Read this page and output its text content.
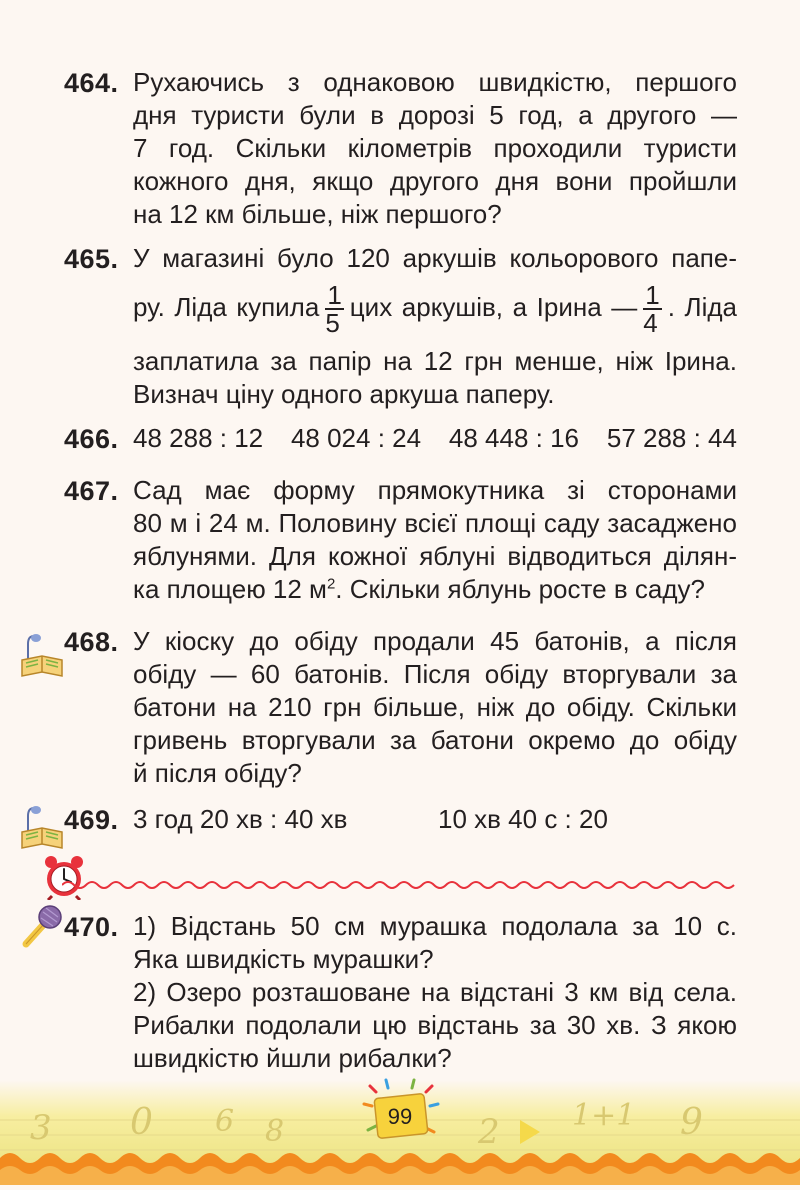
464. Рухаючись з однаковою швидкістю, першого
дня туристи були в дорозі 5 год, а другого —
7 год. Скільки кілометрів проходили туристи
кожного дня, якщо другого дня вони пройшли
на 12 км більше, ніж першого?
465. У магазині було 120 аркушів кольорового папе-
ру. Ліда купила $\frac{1}{5}$ цих аркушів, а Ірина — $\frac{1}{4}$ . Ліда
заплатила за папір на 12 грн менше, ніж Ірина.
Визнач ціну одного аркуша паперу.
466. 48 288 : 12 48 024 : 24 48 448 : 16 57 288 : 44
467. Сад має форму прямокутника зі сторонами
80 м і 24 м. Половину всієї площі саду засаджено
яблунями. Для кожної яблуні відводиться ділян-
ка площею 12 $м^2$. Скільки яблунь росте в саду?
468. У кіоску до обіду продали 45 батонів, а після
обіду — 60 батонів. Після обіду вторгували за
батони на 210 грн більше, ніж до обіду. Скільки
гривень вторгували за батони окремо до обіду
й після обіду?
469. 3 год 20 хв : 40 хв	10 хв 40 с : 20
470. 1) Відстань 50 см мурашка подолала за 10 с.
Яка швидкість мурашки?
2) Озеро розташоване на відстані 3 км від села.
Рибалки подолали цю відстань за 30 хв. З якою
швидкістю йшли рибалки?
3 0 6 8	2 1+1 9
99
